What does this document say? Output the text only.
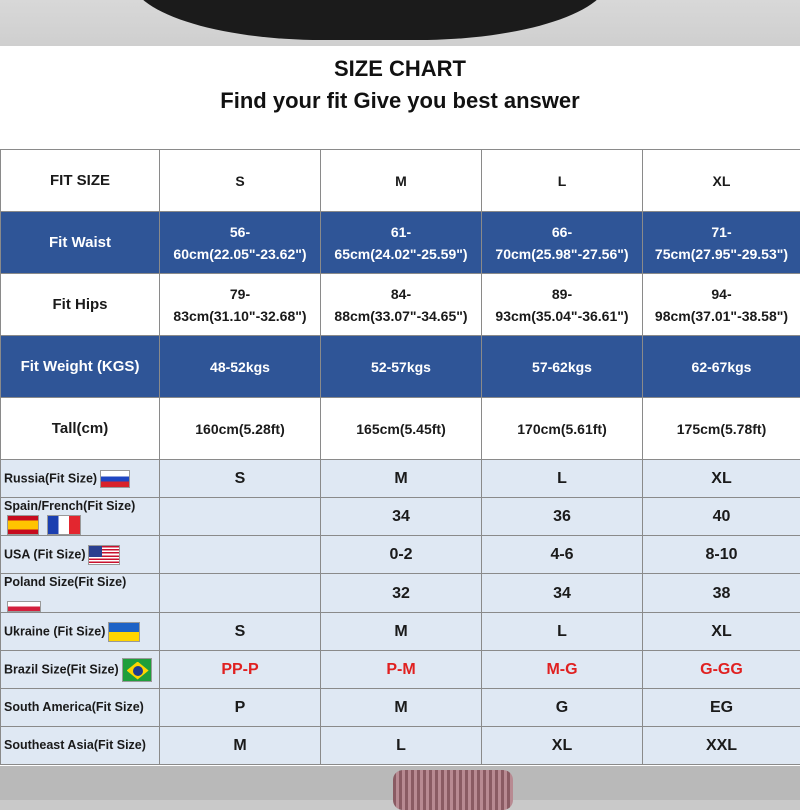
SIZE CHART
Find your fit Give you best answer
FIT SIZE	S	M	L	XL
Fit Waist	56-60cm(22.05"-23.62")	61-65cm(24.02"-25.59")	66-70cm(25.98"-27.56")	71-75cm(27.95"-29.53")
Fit Hips	79-83cm(31.10"-32.68")	84-88cm(33.07"-34.65")	89-93cm(35.04"-36.61")	94-98cm(37.01"-38.58")
Fit Weight (KGS)	48-52kgs	52-57kgs	57-62kgs	62-67kgs
Tall(cm)	160cm(5.28ft)	165cm(5.45ft)	170cm(5.61ft)	175cm(5.78ft)
Russia(Fit Size)	S	M	L	XL
Spain/French(Fit Size)		34	36	40
USA (Fit Size)		0-2	4-6	8-10
Poland Size(Fit Size)		32	34	38
Ukraine (Fit Size)	S	M	L	XL
Brazil Size(Fit Size)	PP-P	P-M	M-G	G-GG
South America(Fit Size)	P	M	G	EG
Southeast Asia(Fit Size)	M	L	XL	XXL
